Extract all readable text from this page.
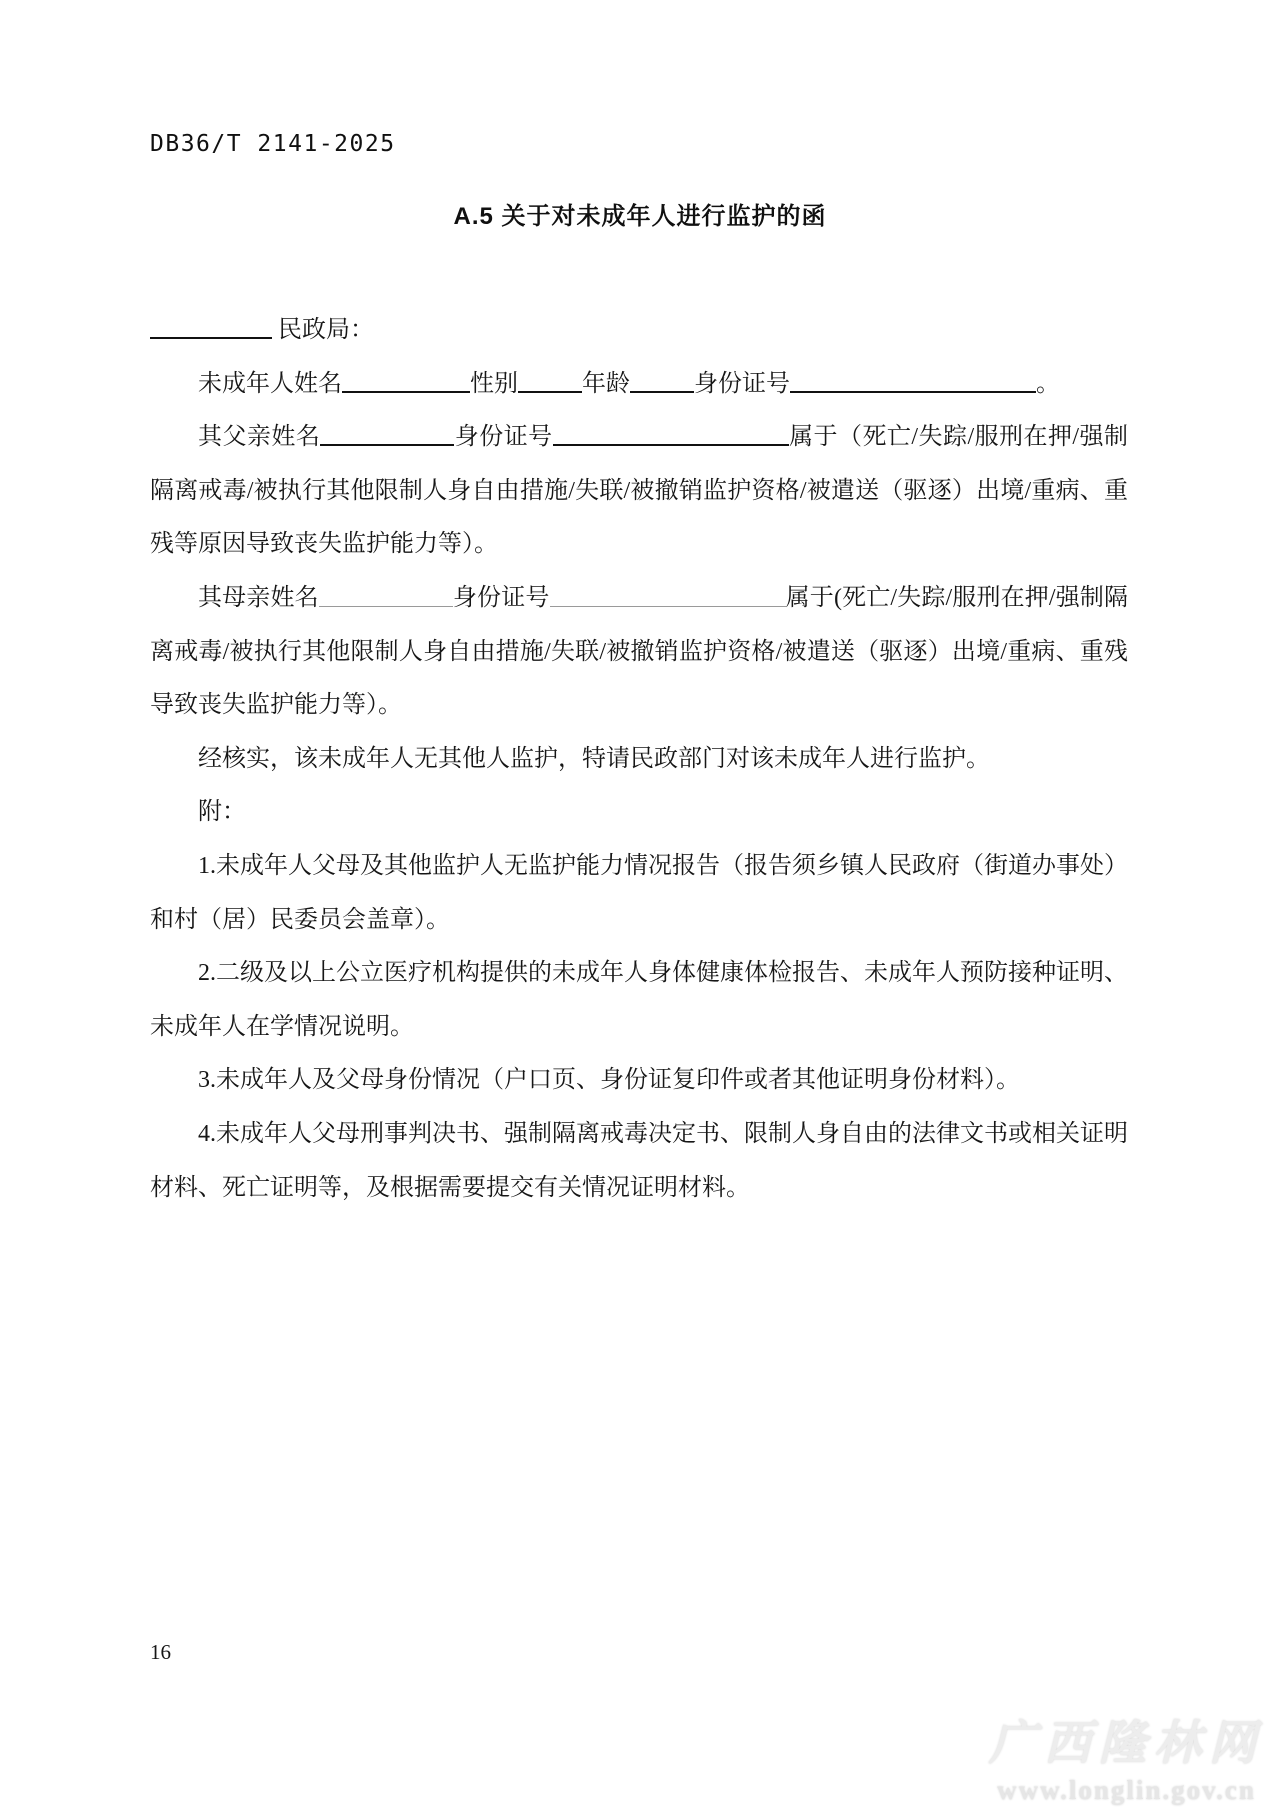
DB36/T 2141-2025
A.5 关于对未成年人进行监护的函

民政局：

未成年人姓名	性别	年龄	身份证号	。

其父亲姓名	身份证号	属于（死亡/失踪/服刑在押/强制隔离戒毒/被执行其他限制人身自由措施/失联/被撤销监护资格/被遣送（驱逐）出境/重病、重残等原因导致丧失监护能力等）。

其母亲姓名	身份证号	属于(死亡/失踪/服刑在押/强制隔离戒毒/被执行其他限制人身自由措施/失联/被撤销监护资格/被遣送（驱逐）出境/重病、重残导致丧失监护能力等）。

经核实，该未成年人无其他人监护，特请民政部门对该未成年人进行监护。

附：

1.未成年人父母及其他监护人无监护能力情况报告（报告须乡镇人民政府（街道办事处）和村（居）民委员会盖章）。

2.二级及以上公立医疗机构提供的未成年人身体健康体检报告、未成年人预防接种证明、未成年人在学情况说明。

3.未成年人及父母身份情况（户口页、身份证复印件或者其他证明身份材料）。

4.未成年人父母刑事判决书、强制隔离戒毒决定书、限制人身自由的法律文书或相关证明材料、死亡证明等，及根据需要提交有关情况证明材料。

16
广西隆林网
www.longlin.gov.cn
